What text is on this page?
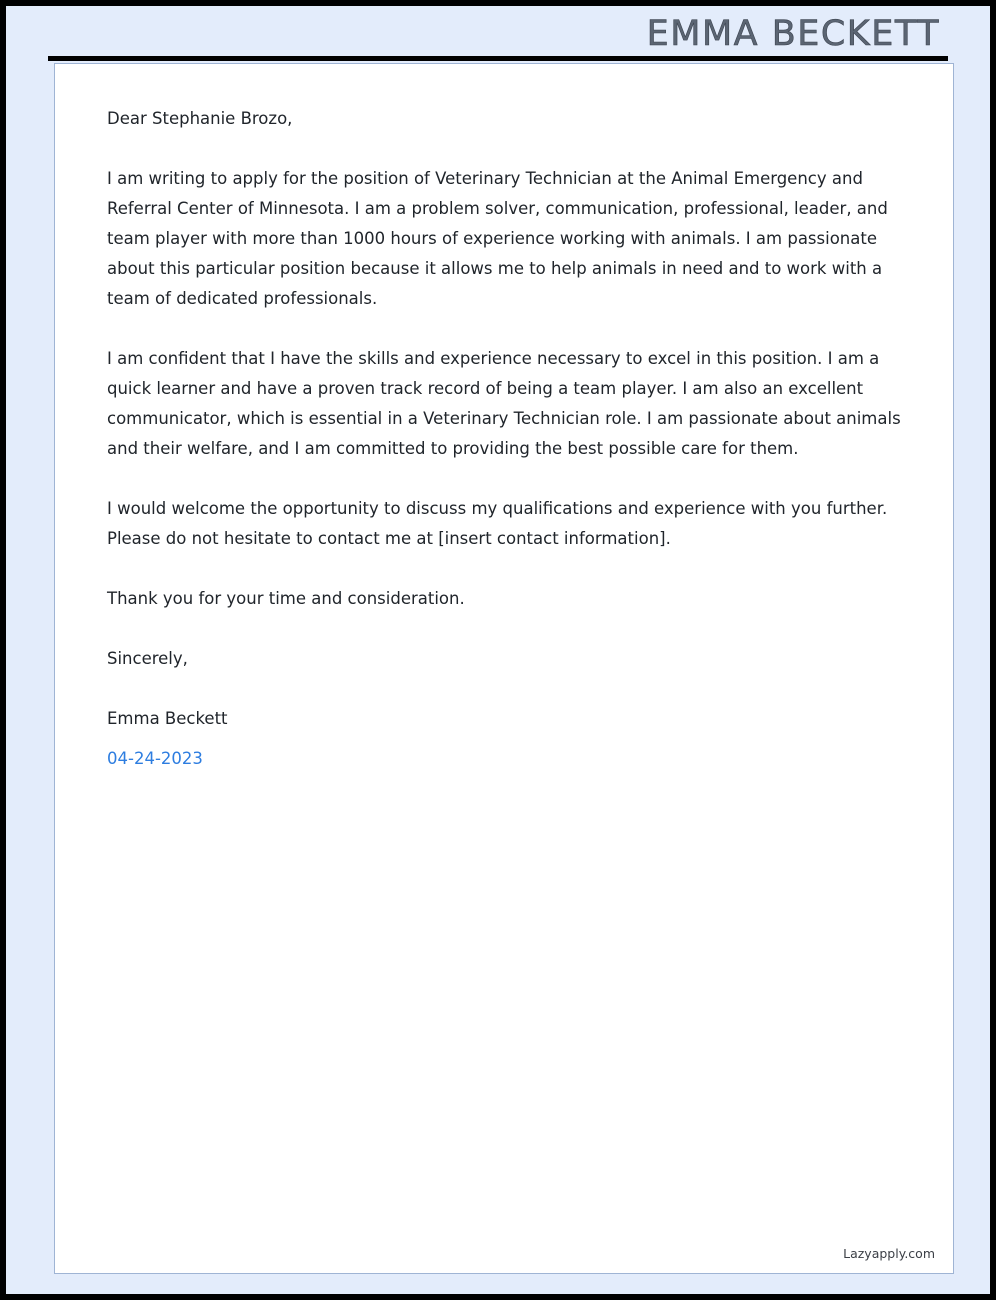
EMMA BECKETT

Dear Stephanie Brozo,

I am writing to apply for the position of Veterinary Technician at the Animal Emergency and Referral Center of Minnesota. I am a problem solver, communication, professional, leader, and team player with more than 1000 hours of experience working with animals. I am passionate about this particular position because it allows me to help animals in need and to work with a team of dedicated professionals.

I am confident that I have the skills and experience necessary to excel in this position. I am a quick learner and have a proven track record of being a team player. I am also an excellent communicator, which is essential in a Veterinary Technician role. I am passionate about animals and their welfare, and I am committed to providing the best possible care for them.

I would welcome the opportunity to discuss my qualifications and experience with you further. Please do not hesitate to contact me at [insert contact information].

Thank you for your time and consideration.

Sincerely,

Emma Beckett

04-24-2023

Lazyapply.com
